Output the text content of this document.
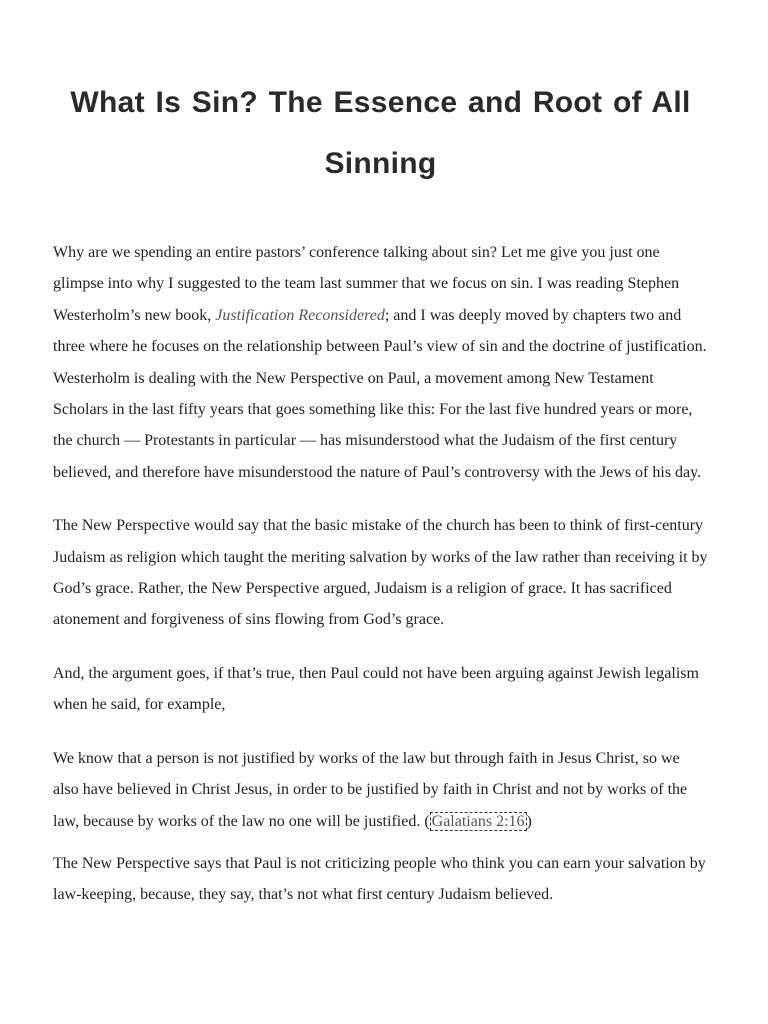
What Is Sin? The Essence and Root of All Sinning

Why are we spending an entire pastors’ conference talking about sin? Let me give you just one glimpse into why I suggested to the team last summer that we focus on sin. I was reading Stephen Westerholm’s new book, Justification Reconsidered; and I was deeply moved by chapters two and three where he focuses on the relationship between Paul’s view of sin and the doctrine of justification.

Westerholm is dealing with the New Perspective on Paul, a movement among New Testament Scholars in the last fifty years that goes something like this: For the last five hundred years or more, the church — Protestants in particular — has misunderstood what the Judaism of the first century believed, and therefore have misunderstood the nature of Paul’s controversy with the Jews of his day.

The New Perspective would say that the basic mistake of the church has been to think of first-century Judaism as religion which taught the meriting salvation by works of the law rather than receiving it by God’s grace. Rather, the New Perspective argued, Judaism is a religion of grace. It has sacrificed atonement and forgiveness of sins flowing from God’s grace.

And, the argument goes, if that’s true, then Paul could not have been arguing against Jewish legalism when he said, for example,

We know that a person is not justified by works of the law but through faith in Jesus Christ, so we also have believed in Christ Jesus, in order to be justified by faith in Christ and not by works of the law, because by works of the law no one will be justified. ( Galatians 2:16 )

The New Perspective says that Paul is not criticizing people who think you can earn your salvation by law-keeping, because, they say, that’s not what first century Judaism believed.
